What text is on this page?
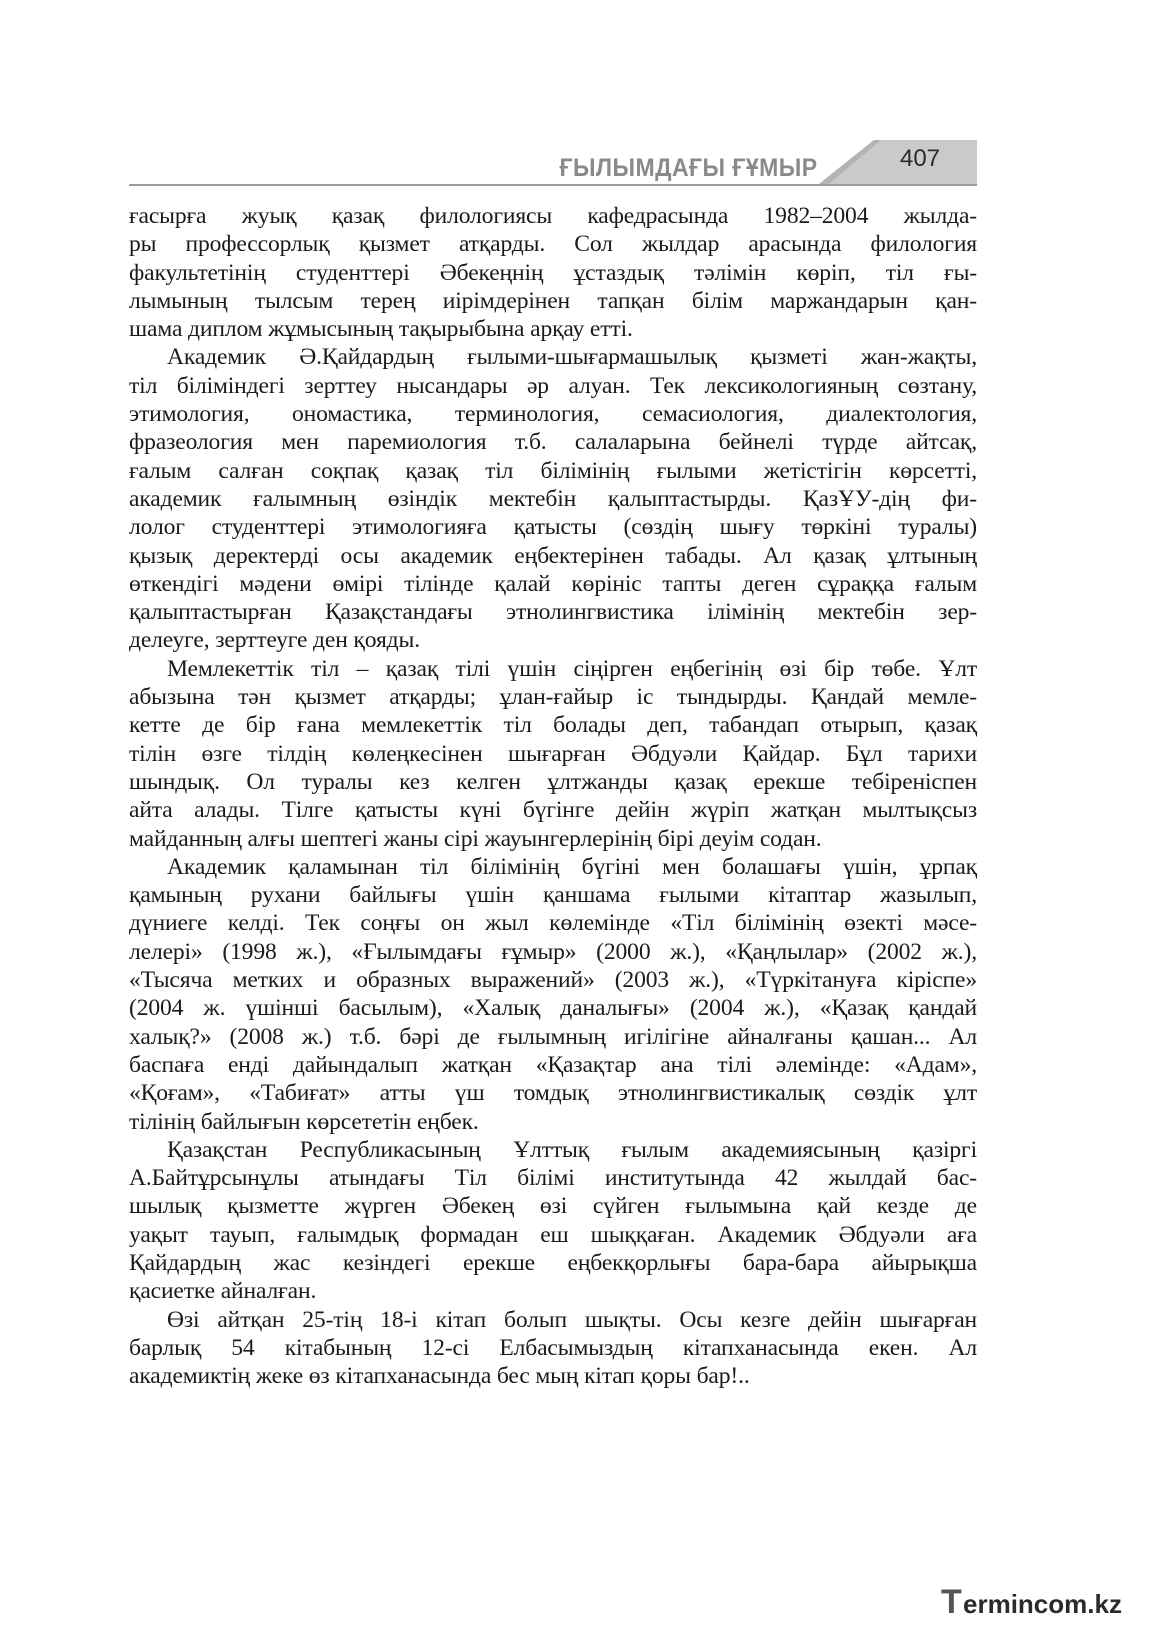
ҒЫЛЫМДАҒЫ ҒҰМЫР	407

ғасырға жуық қазақ филологиясы кафедрасында 1982–2004 жылда-
ры профессорлық қызмет атқарды. Сол жылдар арасында филология
факультетінің студенттері Әбекеңнің ұстаздық тәлімін көріп, тіл ғы-
лымының тылсым терең иірімдерінен тапқан білім маржандарын қан-
шама диплом жұмысының тақырыбына арқау етті.

Академик Ә.Қайдардың ғылыми-шығармашылық қызметі жан-жақты,
тіл біліміндегі зерттеу нысандары әр алуан. Тек лексикологияның сөзтану,
этимология, ономастика, терминология, семасиология, диалектология,
фразеология мен паремиология т.б. салаларына бейнелі түрде айтсақ,
ғалым салған соқпақ қазақ тіл білімінің ғылыми жетістігін көрсетті,
академик ғалымның өзіндік мектебін қалыптастырды. ҚазҰУ-дің фи-
лолог студенттері этимологияға қатысты (сөздің шығу төркіні туралы)
қызық деректерді осы академик еңбектерінен табады. Ал қазақ ұлтының
өткендігі мәдени өмірі тілінде қалай көрініс тапты деген сұраққа ғалым
қалыптастырған Қазақстандағы этнолингвистика ілімінің мектебін зер-
делеуге, зерттеуге ден қояды.

Мемлекеттік тіл – қазақ тілі үшін сіңірген еңбегінің өзі бір төбе. Ұлт
абызына тән қызмет атқарды; ұлан-ғайыр іс тындырды. Қандай мемле-
кетте де бір ғана мемлекеттік тіл болады деп, табандап отырып, қазақ
тілін өзге тілдің көлеңкесінен шығарған Әбдуәли Қайдар. Бұл тарихи
шындық. Ол туралы кез келген ұлтжанды қазақ ерекше тебіреніспен
айта алады. Тілге қатысты күні бүгінге дейін жүріп жатқан мылтықсыз
майданның алғы шептегі жаны сірі жауынгерлерінің бірі деуім содан.

Академик қаламынан тіл білімінің бүгіні мен болашағы үшін, ұрпақ
қамының рухани байлығы үшін қаншама ғылыми кітаптар жазылып,
дүниеге келді. Тек соңғы он жыл көлемінде «Тіл білімінің өзекті мәсе-
лелері» (1998 ж.), «Ғылымдағы ғұмыр» (2000 ж.), «Қаңлылар» (2002 ж.),
«Тысяча метких и образных выражений» (2003 ж.), «Түркітануға кіріспе»
(2004 ж. үшінші басылым), «Халық даналығы» (2004 ж.), «Қазақ қандай
халық?» (2008 ж.) т.б. бәрі де ғылымның игілігіне айналғаны қашан... Ал
баспаға енді дайындалып жатқан «Қазақтар ана тілі әлемінде: «Адам»,
«Қоғам», «Табиғат» атты үш томдық этнолингвистикалық сөздік ұлт
тілінің байлығын көрсететін еңбек.

Қазақстан Республикасының Ұлттық ғылым академиясының қазіргі
А.Байтұрсынұлы атындағы Тіл білімі институтында 42 жылдай бас-
шылық қызметте жүрген Әбекең өзі сүйген ғылымына қай кезде де
уақыт тауып, ғалымдық формадан еш шыққаған. Академик Әбдуәли аға
Қайдардың жас кезіндегі ерекше еңбекқорлығы бара-бара айырықша
қасиетке айналған.

Өзі айтқан 25-тің 18-і кітап болып шықты. Осы кезге дейін шығарған
барлық 54 кітабының 12-сі Елбасымыздың кітапханасында екен. Ал
академиктің жеке өз кітапханасында бес мың кітап қоры бар!..

T ermincom.kz
